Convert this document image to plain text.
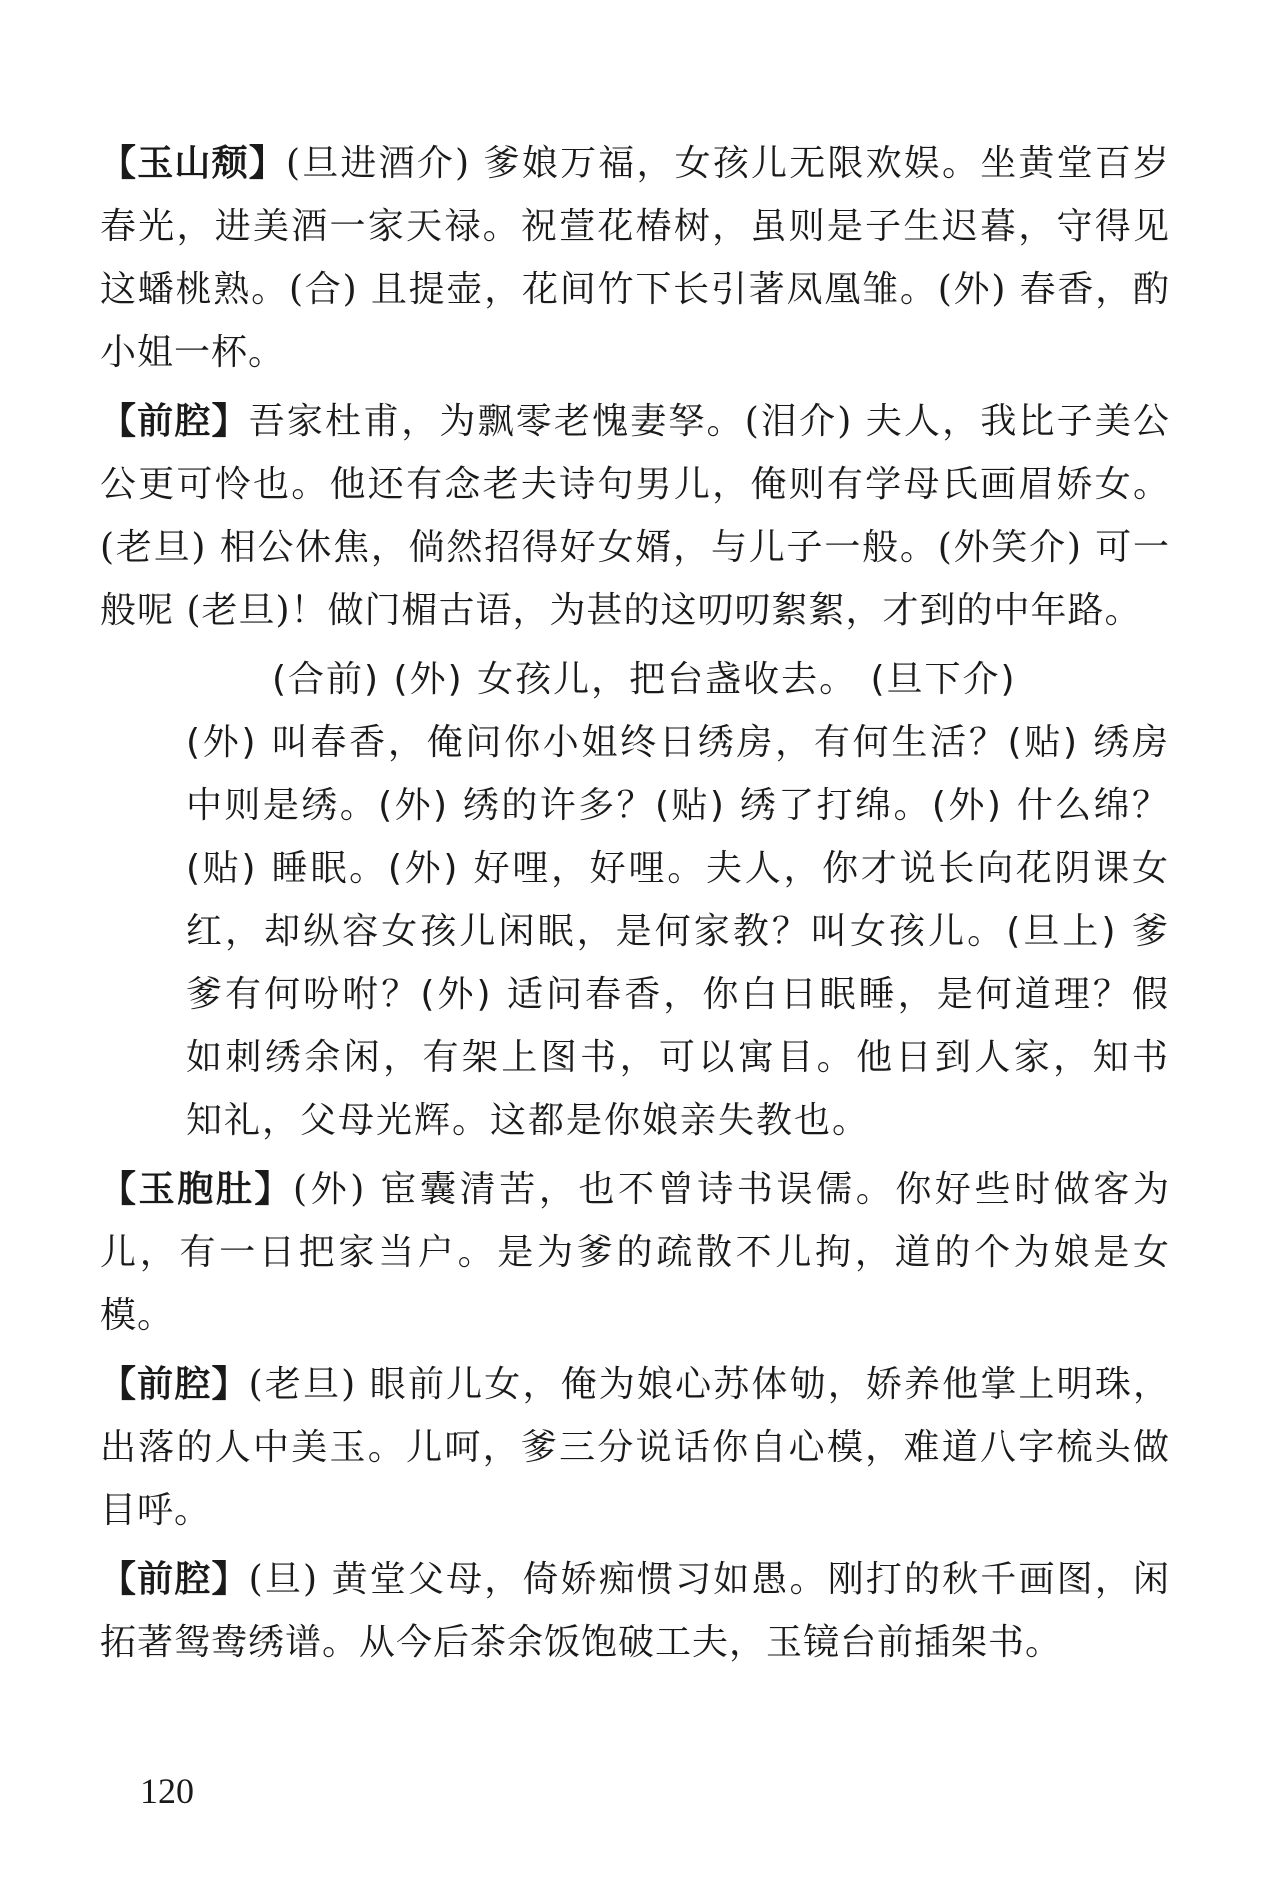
【玉山颓】(旦进酒介) 爹娘万福，女孩儿无限欢娱。坐黄堂百岁春光，进美酒一家天禄。祝萱花椿树，虽则是子生迟暮，守得见这蟠桃熟。(合) 且提壶，花间竹下长引著凤凰雏。(外) 春香，酌小姐一杯。

【前腔】吾家杜甫，为飘零老愧妻孥。(泪介) 夫人，我比子美公公更可怜也。他还有念老夫诗句男儿，俺则有学母氏画眉娇女。(老旦) 相公休焦，倘然招得好女婿，与儿子一般。(外笑介) 可一般呢 (老旦)！做门楣古语，为甚的这叨叨絮絮，才到的中年路。

(合前) (外) 女孩儿，把台盏收去。 (旦下介)
(外) 叫春香，俺问你小姐终日绣房，有何生活？(贴) 绣房中则是绣。(外) 绣的许多？(贴) 绣了打绵。(外) 什么绵？(贴) 睡眠。(外) 好哩，好哩。夫人，你才说长向花阴课女红，却纵容女孩儿闲眠，是何家教？叫女孩儿。(旦上) 爹爹有何吩咐？(外) 适问春香，你白日眠睡，是何道理？假如刺绣余闲，有架上图书，可以寓目。他日到人家，知书知礼，父母光辉。这都是你娘亲失教也。

【玉胞肚】(外) 宦囊清苦，也不曾诗书误儒。你好些时做客为儿，有一日把家当户。是为爹的疏散不儿拘，道的个为娘是女模。

【前腔】(老旦) 眼前儿女，俺为娘心苏体劬，娇养他掌上明珠，出落的人中美玉。儿呵，爹三分说话你自心模，难道八字梳头做目呼。

【前腔】(旦) 黄堂父母，倚娇痴惯习如愚。刚打的秋千画图，闲拓著鸳鸯绣谱。从今后茶余饭饱破工夫，玉镜台前插架书。

120
